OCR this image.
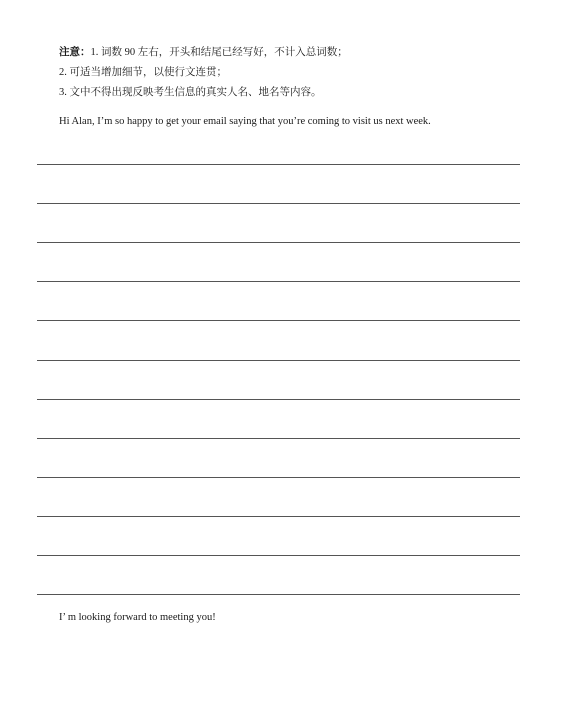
注意：1. 词数 90 左右，开头和结尾已经写好，不计入总词数；
2. 可适当增加细节，以使行文连贯；
3. 文中不得出现反映考生信息的真实人名、地名等内容。
Hi Alan, I’m so happy to get your email saying that you’re coming to visit us next week.
I’ m looking forward to meeting you!
